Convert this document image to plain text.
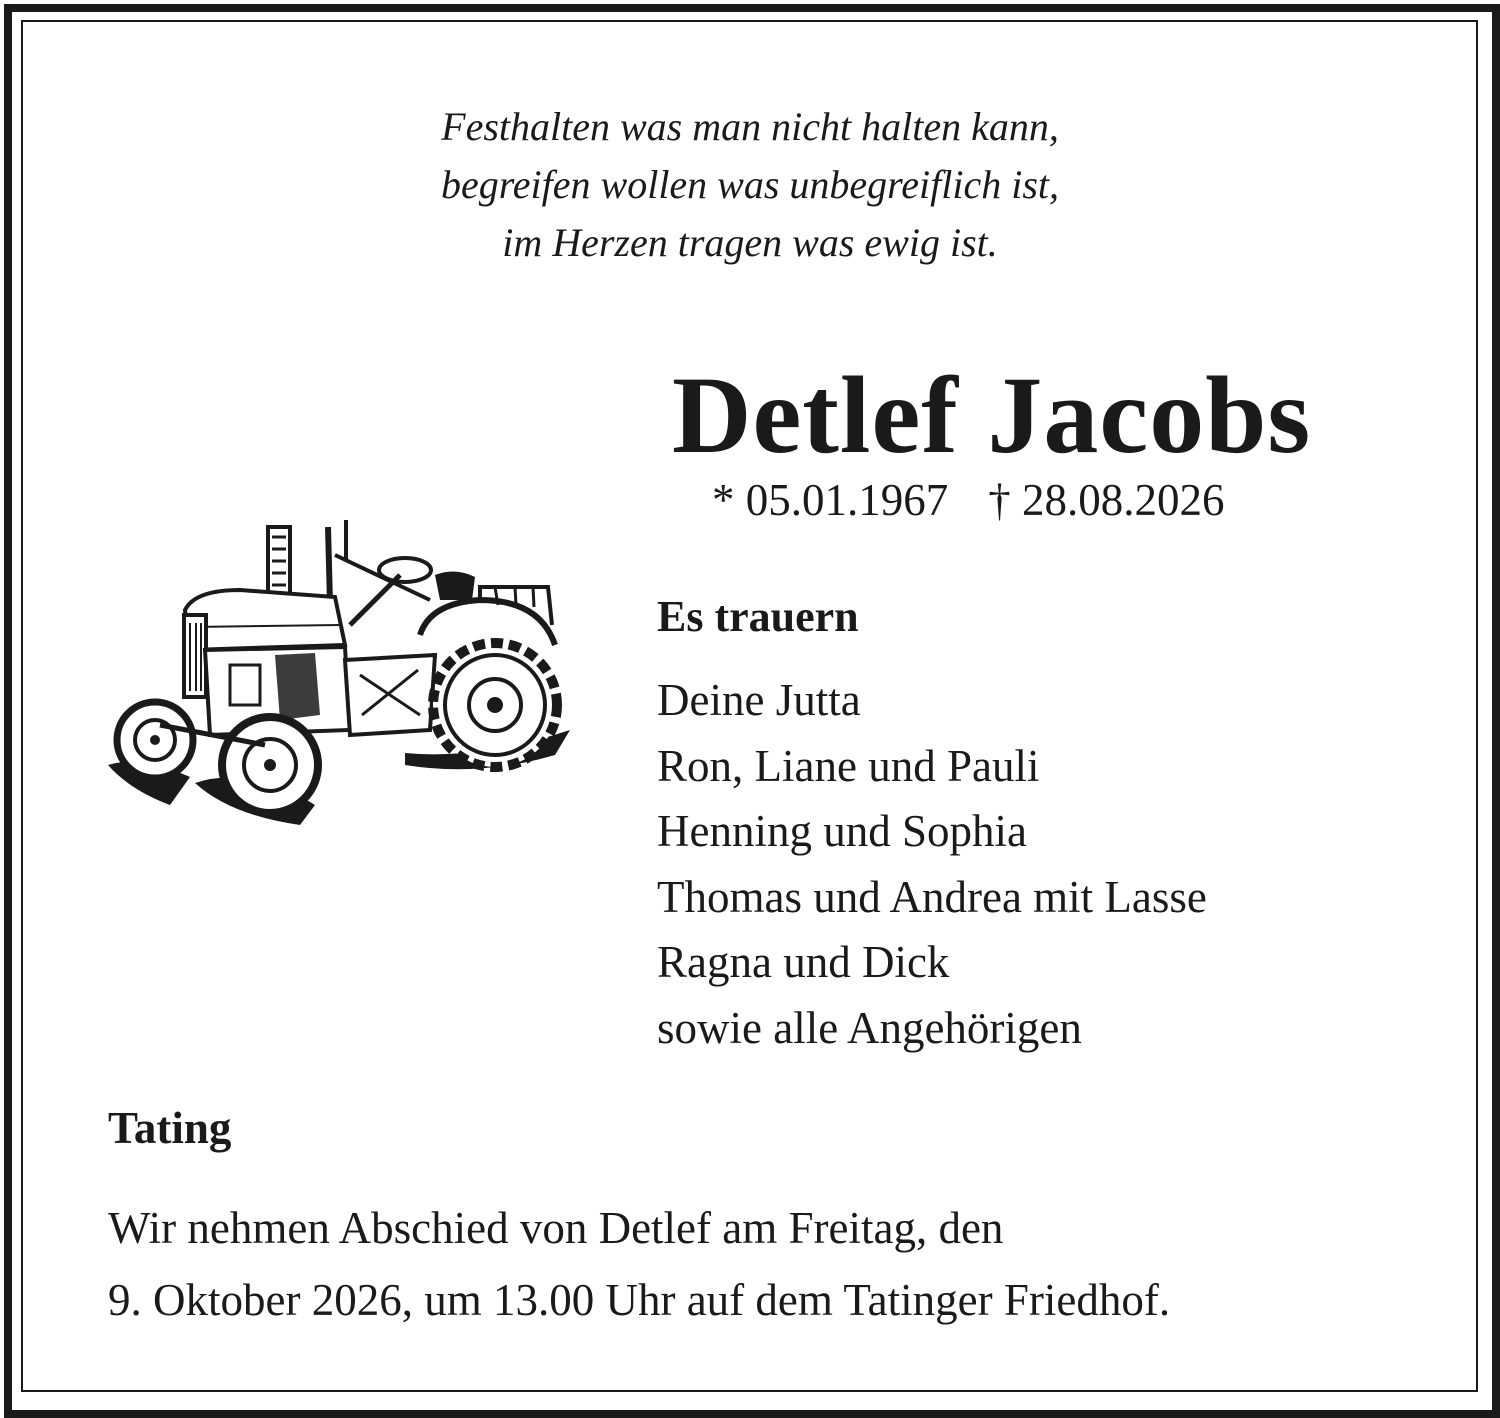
Festhalten was man nicht halten kann,
begreifen wollen was unbegreiflich ist,
im Herzen tragen was ewig ist.
Detlef Jacobs
* 05.01.1967 † 28.08.2026
Es trauern
Deine Jutta
Ron, Liane und Pauli
Henning und Sophia
Thomas und Andrea mit Lasse
Ragna und Dick
sowie alle Angehörigen
Tating
Wir nehmen Abschied von Detlef am Freitag, den
9. Oktober 2026, um 13.00 Uhr auf dem Tatinger Friedhof.
